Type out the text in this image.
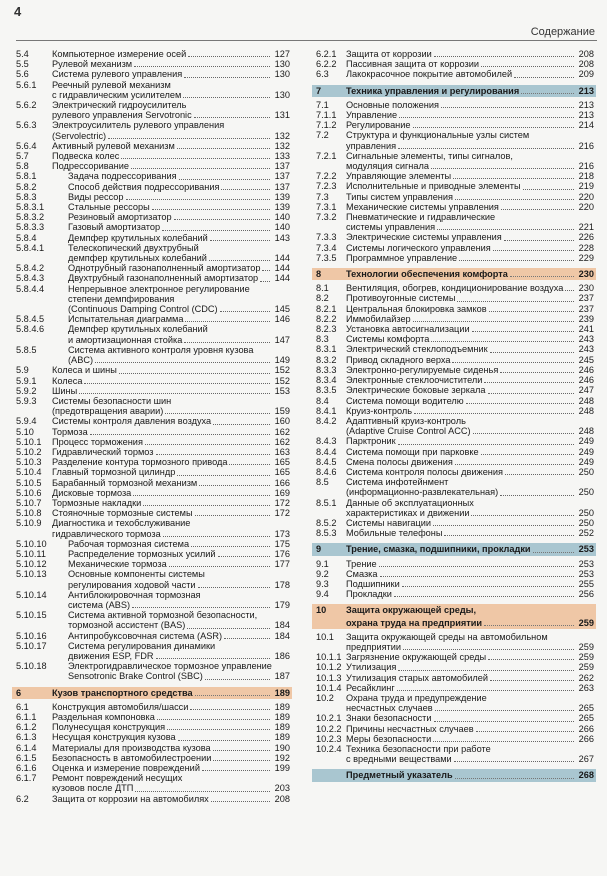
4
Содержание
5.4	Компьютерное измерение осей	127
5.5	Рулевой механизм	130
5.6	Система рулевого управления	130
5.6.1	Реечный рулевой механизм
с гидравлическим усилителем	130
5.6.2	Электрический гидроусилитель
рулевого управления Servotronic	131
5.6.3	Электроусилитель рулевого управления
(Servolectric)	132
5.6.4	Активный рулевой механизм	132
5.7	Подвеска колес	133
5.8	Подрессоривание	137
5.8.1	Задача подрессоривания	137
5.8.2	Способ действия подрессоривания	137
5.8.3	Виды рессор	139
5.8.3.1	Стальные рессоры	139
5.8.3.2	Резиновый амортизатор	140
5.8.3.3	Газовый амортизатор	140
5.8.4	Демпфер крутильных колебаний	143
5.8.4.1	Телескопический двухтрубный
демпфер крутильных колебаний	144
5.8.4.2	Однотрубный газонаполненный амортизатор 144
5.8.4.3	Двухтрубный газонаполненный амортизатор 144
5.8.4.4	Непрерывное электронное регулирование
степени демпфирования
(Continuous Damping Control (CDC)	145
5.8.4.5	Испытательная диаграмма	146
5.8.4.6	Демпфер крутильных колебаний
и амортизационная стойка	147
5.8.5	Система активного контроля уровня кузова
(ABC)	149
5.9	Колеса и шины	152
5.9.1	Колеса	152
5.9.2	Шины	153
5.9.3	Системы безопасности шин
(предотвращения аварии)	159
5.9.4	Системы контроля давления воздуха	160
5.10	Тормоза	162
5.10.1	Процесс торможения	162
5.10.2	Гидравлический тормоз	163
5.10.3	Разделение контура тормозного привода	165
5.10.4	Главный тормозной цилиндр	165
5.10.5	Барабанный тормозной механизм	166
5.10.6	Дисковые тормоза	169
5.10.7	Тормозные накладки	172
5.10.8	Стояночные тормозные системы	172
5.10.9	Диагностика и техобслуживание
гидравлического тормоза	173
5.10.10	Рабочая тормозная система	175
5.10.11	Распределение тормозных усилий	176
5.10.12	Механические тормоза	177
5.10.13	Основные компоненты системы
регулирования ходовой части	178
5.10.14	Антиблокировочная тормозная
система (ABS)	179
5.10.15	Система активной тормозной безопасности,
тормозной ассистент (BAS)	184
5.10.16	Антипробуксовочная система (ASR)	184
5.10.17	Система регулирования динамики
движения ESP, FDR	186
5.10.18	Электрогидравлическое тормозное управление
Sensotronic Brake Control (SBC)	187
6	Кузов транспортного средства	189
6.1	Конструкция автомобиля/шасси	189
6.1.1	Раздельная компоновка	189
6.1.2	Полунесущая конструкция	189
6.1.3	Несущая конструкция кузова	189
6.1.4	Материалы для производства кузова	190
6.1.5	Безопасность в автомобилестроении	192
6.1.6	Оценка и измерение повреждений	199
6.1.7	Ремонт повреждений несущих
кузовов после ДТП	203
6.2	Защита от коррозии на автомобилях	208
6.2.1	Защита от коррозии	208
6.2.2	Пассивная защита от коррозии	208
6.3	Лакокрасочное покрытие автомобилей	209
7	Техника управления и регулирования	213
7.1	Основные положения	213
7.1.1	Управление	213
7.1.2	Регулирование	214
7.2	Структура и функциональные узлы систем
управления	216
7.2.1	Сигнальные элементы, типы сигналов,
модуляция сигнала	216
7.2.2	Управляющие элементы	218
7.2.3	Исполнительные и приводные элементы	219
7.3	Типы систем управления	220
7.3.1	Механические системы управления	220
7.3.2	Пневматические и гидравлические
системы управления	221
7.3.3	Электрические системы управления	226
7.3.4	Системы логического управления	228
7.3.5	Программное управление	229
8	Технологии обеспечения комфорта	230
8.1	Вентиляция, обогрев, кондиционирование воздуха 230
8.2	Противоугонные системы	237
8.2.1	Центральная блокировка замков	237
8.2.2	Иммобилайзер	239
8.2.3	Установка автосигнализации	241
8.3	Системы комфорта	243
8.3.1	Электрический стеклоподъемник	243
8.3.2	Привод складного верха	245
8.3.3	Электронно-регулируемые сиденья	246
8.3.4	Электронные стеклоочистители	246
8.3.5	Электрические боковые зеркала	247
8.4	Система помощи водителю	248
8.4.1	Круиз-контроль	248
8.4.2	Адаптивный круиз-контроль
(Adaptive Cruise Control ACC)	248
8.4.3	Парктроник	249
8.4.4	Система помощи при парковке	249
8.4.5	Смена полосы движения	249
8.4.6	Система контроля полосы движения	250
8.5	Система инфотейнмент
(информационно-развлекательная)	250
8.5.1	Данные об эксплуатационных
характеристиках и движении	250
8.5.2	Системы навигации	250
8.5.3	Мобильные телефоны	252
9	Трение, смазка, подшипники, прокладки	253
9.1	Трение	253
9.2	Смазка	253
9.3	Подшипники	255
9.4	Прокладки	256
10	Защита окружающей среды,
охрана труда на предприятии	259
10.1	Защита окружающей среды на автомобильном
предприятии	259
10.1.1 Загрязнение окружающей среды	259
10.1.2 Утилизация	259
10.1.3 Утилизация старых автомобилей	262
10.1.4 Ресайклинг	263
10.2	Охрана труда и предупреждение
несчастных случаев	265
10.2.1 Знаки безопасности	265
10.2.2 Причины несчастных случаев	266
10.2.3 Меры безопасности	266
10.2.4 Техника безопасности при работе
с вредными веществами	267
Предметный указатель	268
